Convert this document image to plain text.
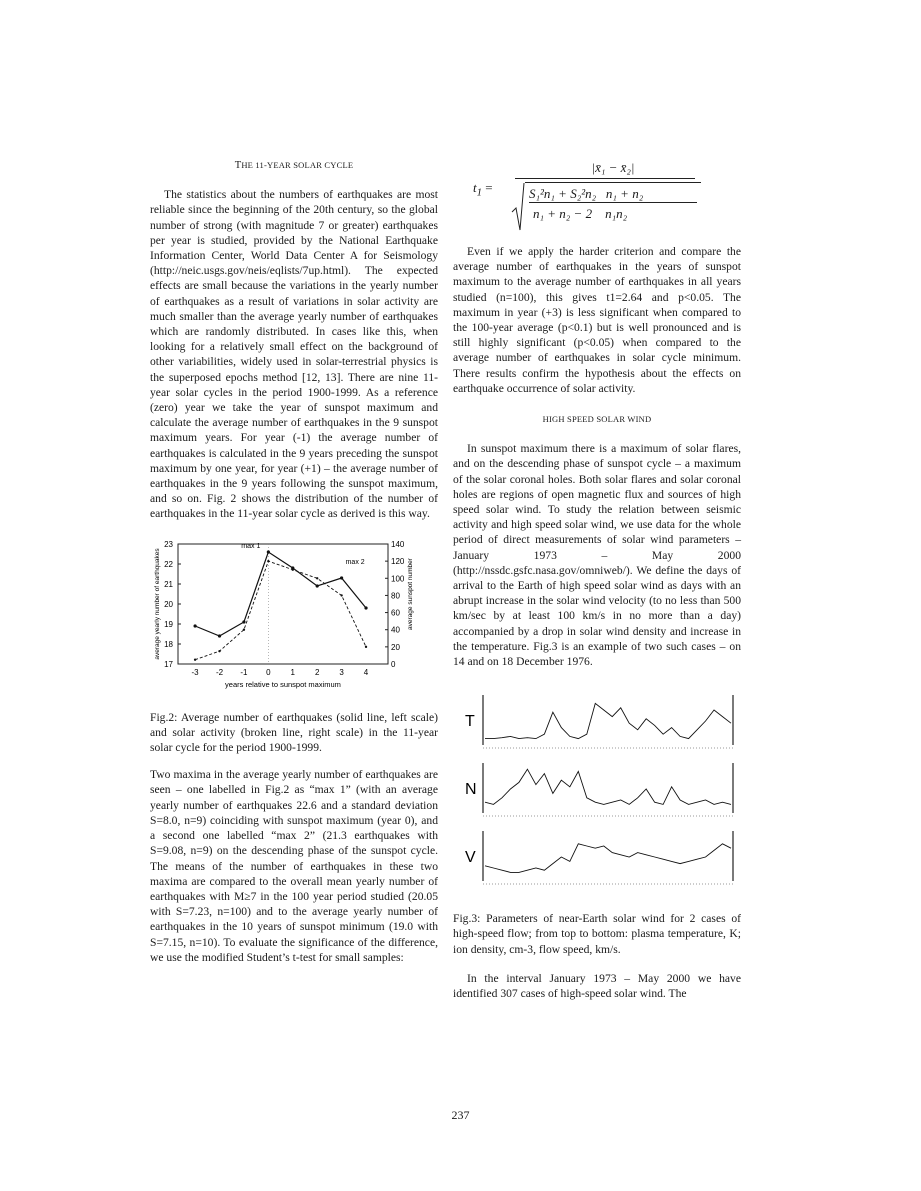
THE 11-YEAR SOLAR CYCLE

The statistics about the numbers of earthquakes are most reliable since the beginning of the 20th century, so the global number of strong (with magnitude 7 or greater) earthquakes per year is studied, provided by the National Earthquake Information Center, World Data Center A for Seismology (http://neic.usgs.gov/neis/eqlists/7up.html). The expected effects are small because the variations in the yearly number of earthquakes as a result of variations in solar activity are much smaller than the average yearly number of earthquakes which are randomly distributed. In cases like this, when looking for a relatively small effect on the background of other variabilities, widely used in solar-terrestrial physics is the superposed epochs method [12, 13]. There are nine 11-year solar cycles in the period 1900-1999. As a reference (zero) year we take the year of sunspot maximum and calculate the average number of earthquakes in the 9 sunspot maximum years. For year (-1) the average number of earthquakes is calculated in the 9 years preceding the sunspot maximum by one year, for year (+1) – the average number of earthquakes in the 9 years following the sunspot maximum, and so on. Fig. 2 shows the distribution of the number of earthquakes in the 11-year solar cycle as derived is this way.

17
18
19
20
21
22
23
0
20
40
60
80
100
120
140
-3 -2 -1 0 1 2 3 4
years relative to sunspot maximum
average yearly number of earthquakes	average sunspot number
max 1
max 2

Fig.2: Average number of earthquakes (solid line, left scale) and solar activity (broken line, right scale) in the 11-year solar cycle for the period 1900-1999.

Two maxima in the average yearly number of earthquakes are seen – one labelled in Fig.2 as “max 1” (with an average yearly number of earthquakes 22.6 and a standard deviation S=8.0, n=9) coinciding with sunspot maximum (year 0), and a second one labelled “max 2” (21.3 earthquakes with S=9.08, n=9) on the descending phase of the sunspot cycle. The means of the number of earthquakes in these two maxima are compared to the overall mean yearly number of earthquakes with M≥7 in the 100 year period studied (20.05 with S=7.23, n=100) and to the average yearly number of earthquakes in the 10 years of sunspot minimum (19.0 with S=7.15, n=10). To evaluate the significance of the difference, we use the modified Student’s t-test for small samples:

$t_1$ =
|x̄₁ − x̄₂|
S₁²n₁ + S₂²n₂   n₁ + n₂
n₁ + n₂ − 2    n₁n₂

Even if we apply the harder criterion and compare the average number of earthquakes in the years of sunspot maximum to the average number of earthquakes in all years studied (n=100), this gives t1=2.64 and p<0.05. The maximum in year (+3) is less significant when compared to the 100-year average (p<0.1) but is well pronounced and is still highly significant (p<0.05) when compared to the average number of earthquakes in solar cycle minimum. There results confirm the hypothesis about the effects on earthquake occurrence of solar activity.

HIGH SPEED SOLAR WIND

In sunspot maximum there is a maximum of solar flares, and on the descending phase of sunspot cycle – a maximum of the solar coronal holes. Both solar flares and solar coronal holes are regions of open magnetic flux and sources of high speed solar wind. To study the relation between seismic activity and high speed solar wind, we use data for the whole period of direct measurements of solar wind parameters – January 1973 – May 2000 (http://nssdc.gsfc.nasa.gov/omniweb/). We define the days of arrival to the Earth of high speed solar wind as days with an abrupt increase in the solar wind velocity (to no less than 500 km/sec by at least 100 km/s in no more than a day) accompanied by a drop in solar wind density and increase in the temperature. Fig.3 is an example of two such cases – on 14 and on 18 December 1976.

T
N
V

Fig.3: Parameters of near-Earth solar wind for 2 cases of high-speed flow; from top to bottom: plasma temperature, K; ion density, cm-3, flow speed, km/s.

In the interval January 1973 – May 2000 we have identified 307 cases of high-speed solar wind. The

237
